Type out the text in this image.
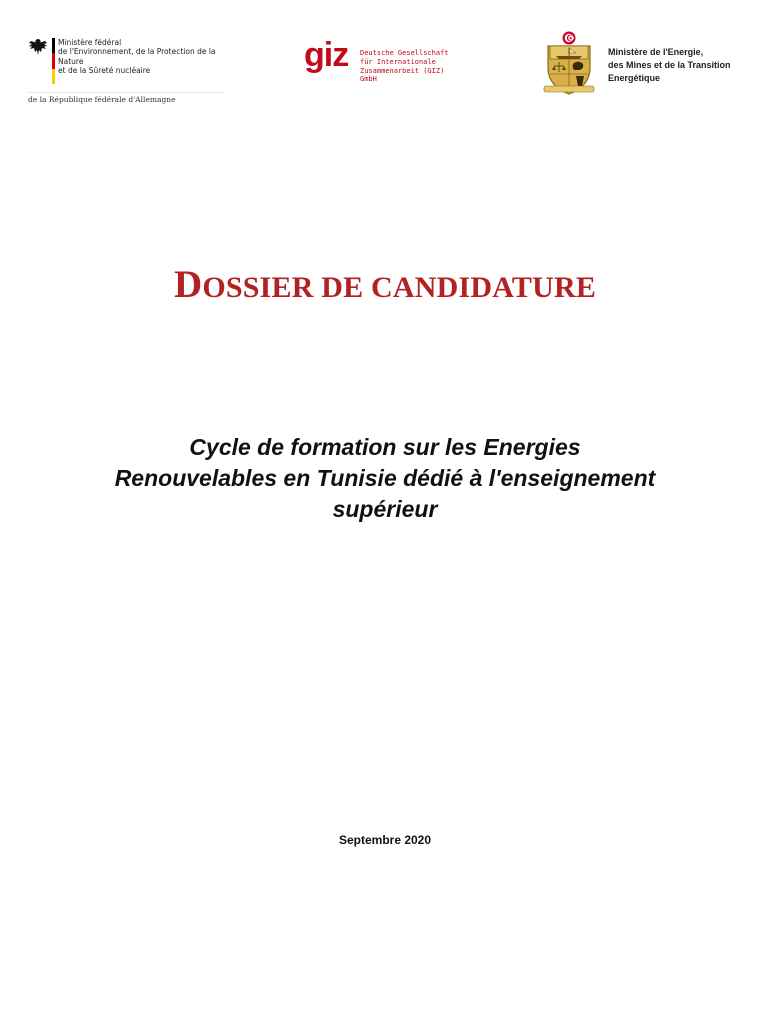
Ministère fédéral
de l'Environnement, de la Protection de la Nature
et de la Sûreté nucléaire
de la République fédérale d'Allemagne
giz Deutsche Gesellschaft
für Internationale
Zusammenarbeit (GIZ) GmbH
Ministère de l'Energie,
des Mines et de la Transition
Energétique
DOSSIER DE CANDIDATURE
Cycle de formation sur les Energies Renouvelables en Tunisie dédié à l'enseignement supérieur
Septembre 2020
